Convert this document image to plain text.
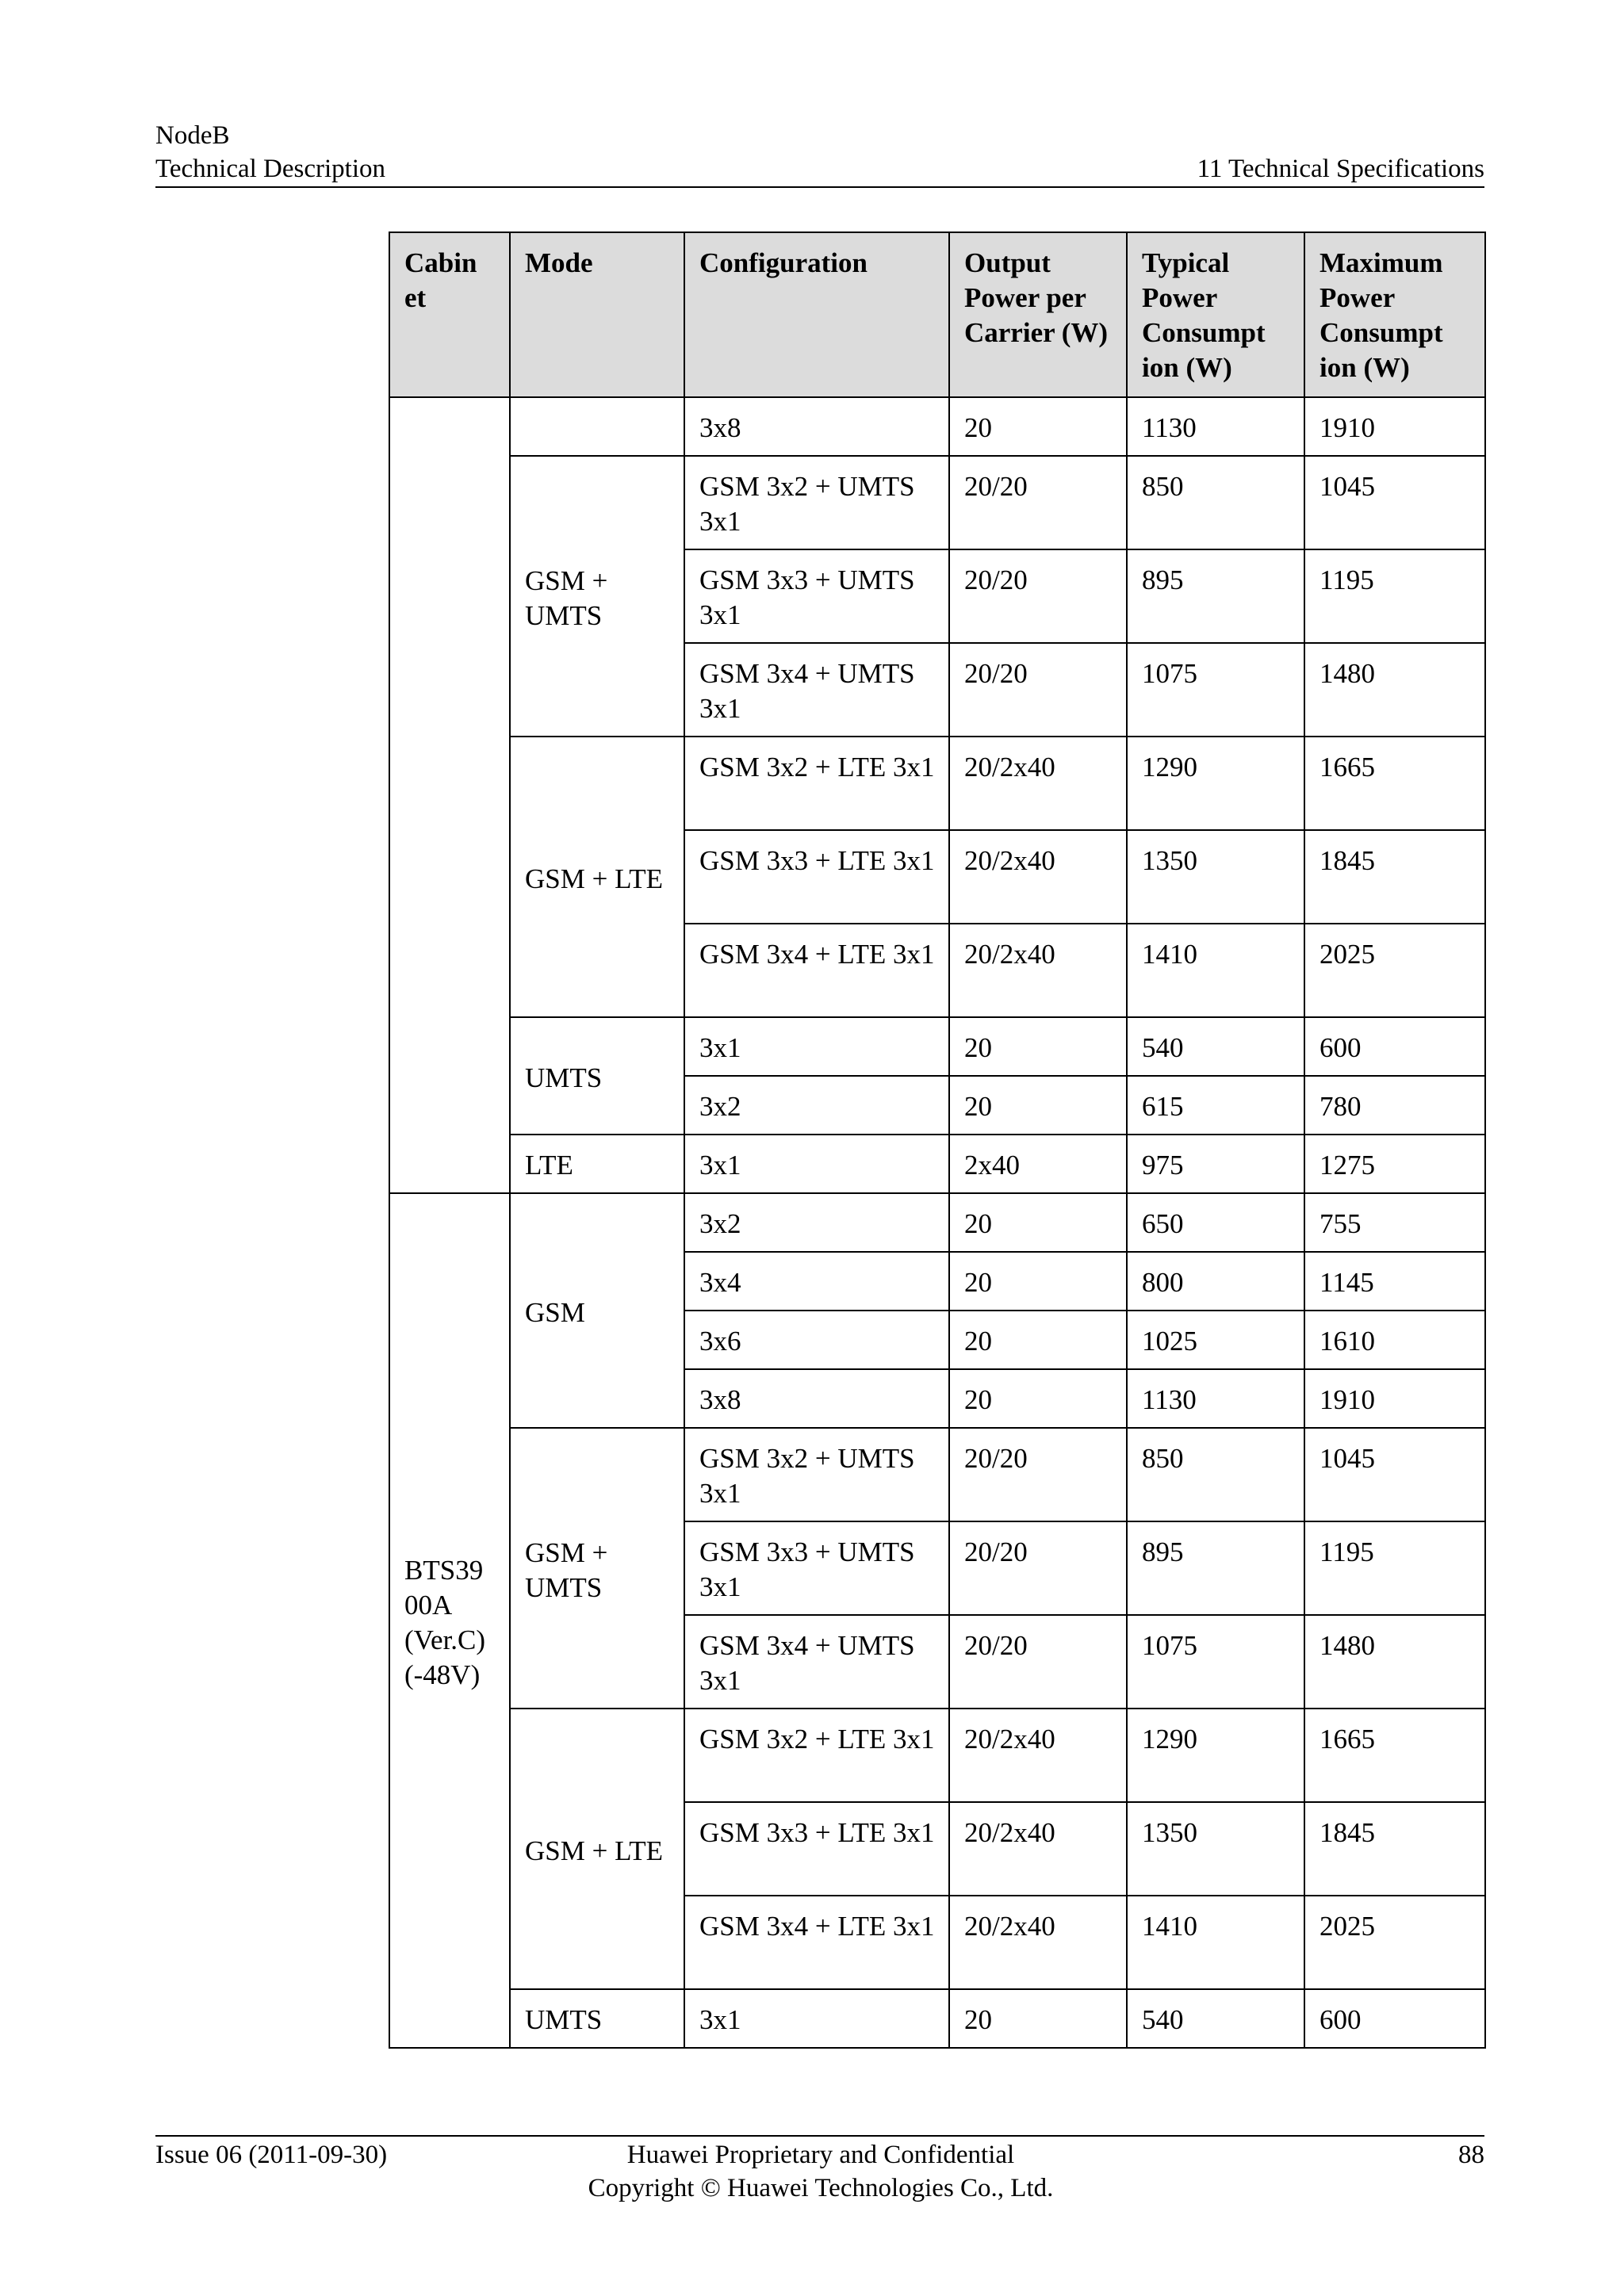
NodeB
Technical Description	11 Technical Specifications
Cabin et	Mode	Configuration	Output Power per Carrier (W)	Typical Power Consumpt ion (W)	Maximum Power Consumpt ion (W)
		3x8	20	1130	1910
	GSM + UMTS	GSM 3x2 + UMTS 3x1	20/20	850	1045
		GSM 3x3 + UMTS 3x1	20/20	895	1195
		GSM 3x4 + UMTS 3x1	20/20	1075	1480
	GSM + LTE	GSM 3x2 + LTE 3x1	20/2x40	1290	1665
		GSM 3x3 + LTE 3x1	20/2x40	1350	1845
		GSM 3x4 + LTE 3x1	20/2x40	1410	2025
	UMTS	3x1	20	540	600
		3x2	20	615	780
	LTE	3x1	2x40	975	1275
BTS39 00A (Ver.C) (-48V)	GSM	3x2	20	650	755
		3x4	20	800	1145
		3x6	20	1025	1610
		3x8	20	1130	1910
	GSM + UMTS	GSM 3x2 + UMTS 3x1	20/20	850	1045
		GSM 3x3 + UMTS 3x1	20/20	895	1195
		GSM 3x4 + UMTS 3x1	20/20	1075	1480
	GSM + LTE	GSM 3x2 + LTE 3x1	20/2x40	1290	1665
		GSM 3x3 + LTE 3x1	20/2x40	1350	1845
		GSM 3x4 + LTE 3x1	20/2x40	1410	2025
	UMTS	3x1	20	540	600
Issue 06 (2011-09-30)	Huawei Proprietary and Confidential
Copyright © Huawei Technologies Co., Ltd.
88
